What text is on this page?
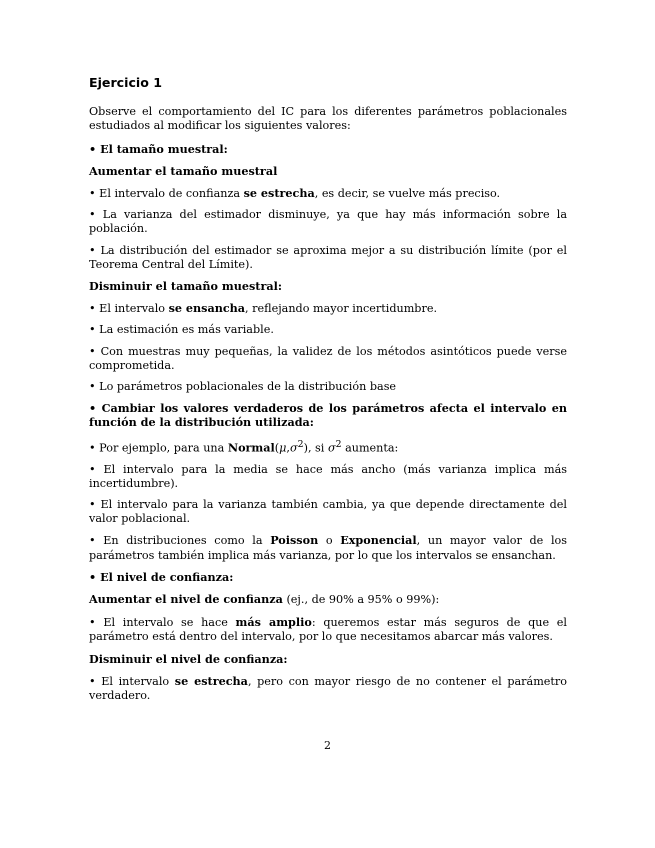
Ejercicio 1

Observe el comportamiento del IC para los diferentes parámetros poblacionales estudiados al modificar los siguientes valores:

• El tamaño muestral:

Aumentar el tamaño muestral

• El intervalo de confianza se estrecha, es decir, se vuelve más preciso.

• La varianza del estimador disminuye, ya que hay más información sobre la población.

• La distribución del estimador se aproxima mejor a su distribución límite (por el Teorema Central del Límite).

Disminuir el tamaño muestral:

• El intervalo se ensancha, reflejando mayor incertidumbre.

• La estimación es más variable.

• Con muestras muy pequeñas, la validez de los métodos asintóticos puede verse comprometida.

• Lo parámetros poblacionales de la distribución base

• Cambiar los valores verdaderos de los parámetros afecta el intervalo en función de la distribución utilizada:

• Por ejemplo, para una $Normal(\mu,\sigma^2)$, si $\sigma^2$ aumenta:

• El intervalo para la media se hace más ancho (más varianza implica más incertidumbre).

• El intervalo para la varianza también cambia, ya que depende directamente del valor poblacional.

• En distribuciones como la Poisson o Exponencial, un mayor valor de los parámetros también implica más varianza, por lo que los intervalos se ensanchan.

• El nivel de confianza:

Aumentar el nivel de confianza (ej., de 90% a 95% o 99%):

• El intervalo se hace más amplio: queremos estar más seguros de que el parámetro está dentro del intervalo, por lo que necesitamos abarcar más valores.

Disminuir el nivel de confianza:

• El intervalo se estrecha, pero con mayor riesgo de no contener el parámetro verdadero.

2
